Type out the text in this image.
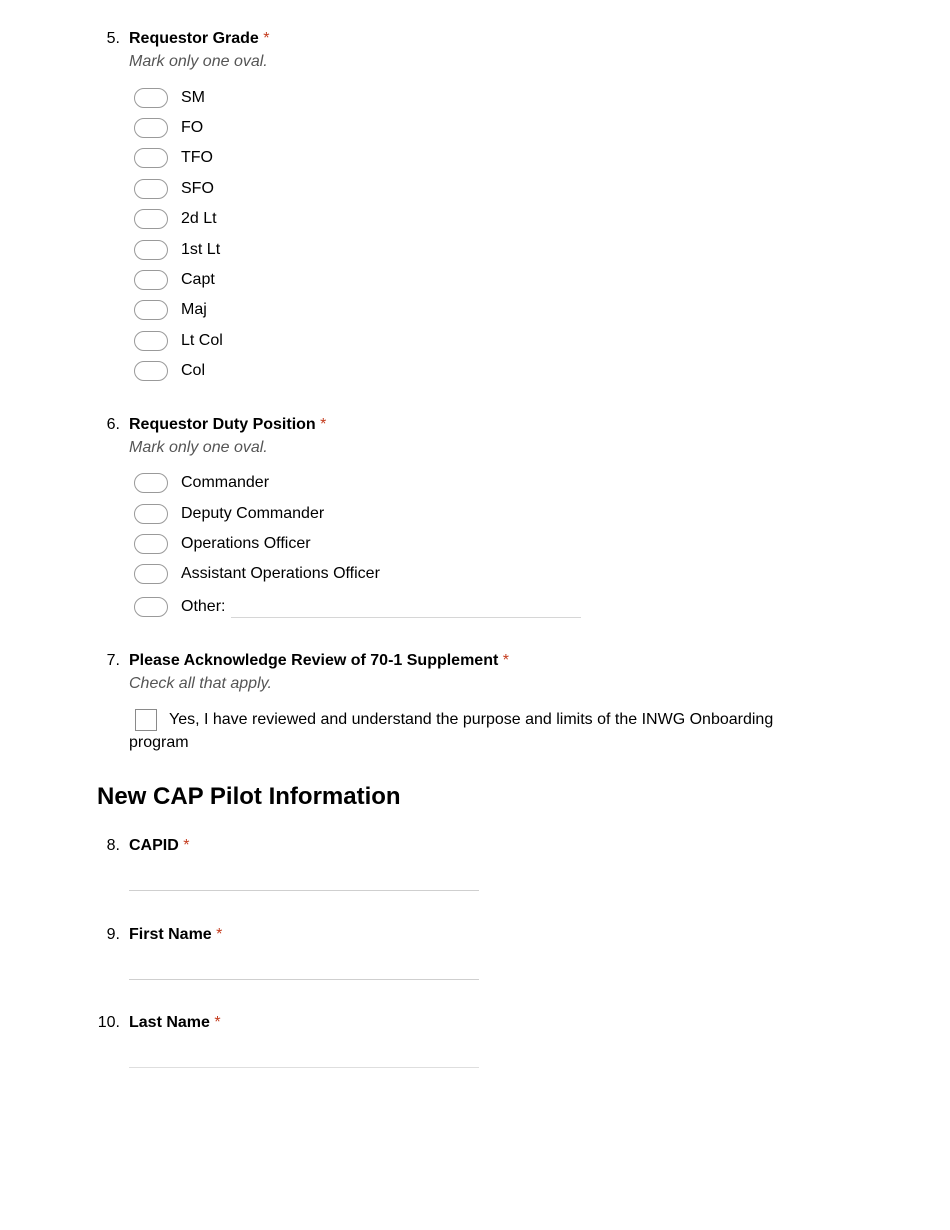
5. Requestor Grade *
Mark only one oval.
SM
FO
TFO
SFO
2d Lt
1st Lt
Capt
Maj
Lt Col
Col
6. Requestor Duty Position *
Mark only one oval.
Commander
Deputy Commander
Operations Officer
Assistant Operations Officer
Other:
7. Please Acknowledge Review of 70-1 Supplement *
Check all that apply.
Yes, I have reviewed and understand the purpose and limits of the INWG Onboarding program
New CAP Pilot Information
8. CAPID *
9. First Name *
10. Last Name *
